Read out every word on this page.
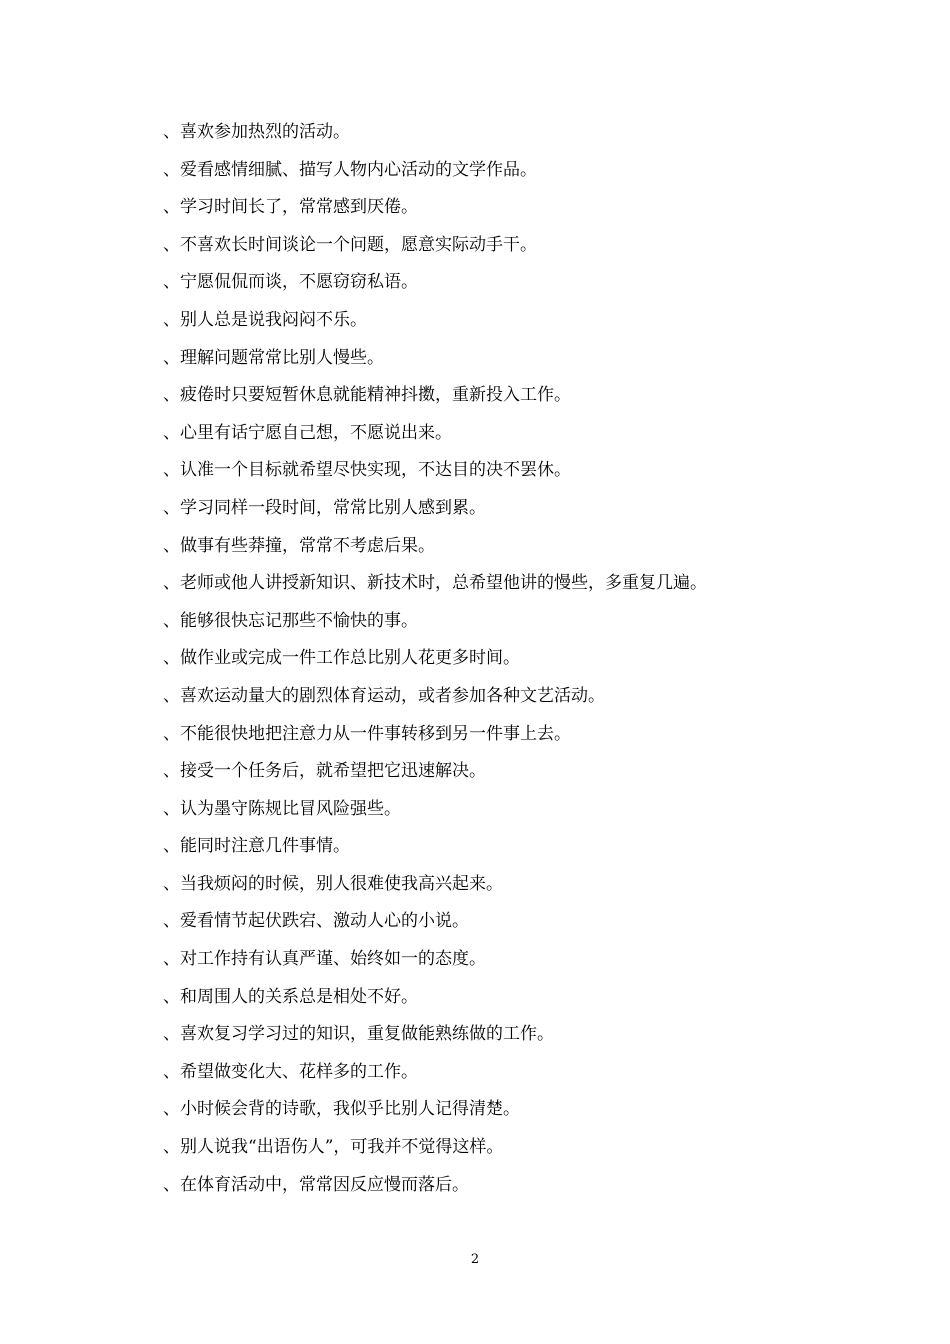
、喜欢参加热烈的活动。
、爱看感情细腻、描写人物内心活动的文学作品。
、学习时间长了，常常感到厌倦。
、不喜欢长时间谈论一个问题，愿意实际动手干。
、宁愿侃侃而谈，不愿窃窃私语。
、别人总是说我闷闷不乐。
、理解问题常常比别人慢些。
、疲倦时只要短暂休息就能精神抖擞，重新投入工作。
、心里有话宁愿自己想，不愿说出来。
、认准一个目标就希望尽快实现，不达目的决不罢休。
、学习同样一段时间，常常比别人感到累。
、做事有些莽撞，常常不考虑后果。
、老师或他人讲授新知识、新技术时，总希望他讲的慢些，多重复几遍。
、能够很快忘记那些不愉快的事。
、做作业或完成一件工作总比别人花更多时间。
、喜欢运动量大的剧烈体育运动，或者参加各种文艺活动。
、不能很快地把注意力从一件事转移到另一件事上去。
、接受一个任务后，就希望把它迅速解决。
、认为墨守陈规比冒风险强些。
、能同时注意几件事情。
、当我烦闷的时候，别人很难使我高兴起来。
、爱看情节起伏跌宕、激动人心的小说。
、对工作持有认真严谨、始终如一的态度。
、和周围人的关系总是相处不好。
、喜欢复习学习过的知识，重复做能熟练做的工作。
、希望做变化大、花样多的工作。
、小时候会背的诗歌，我似乎比别人记得清楚。
、别人说我“出语伤人”，可我并不觉得这样。
、在体育活动中，常常因反应慢而落后。
2
